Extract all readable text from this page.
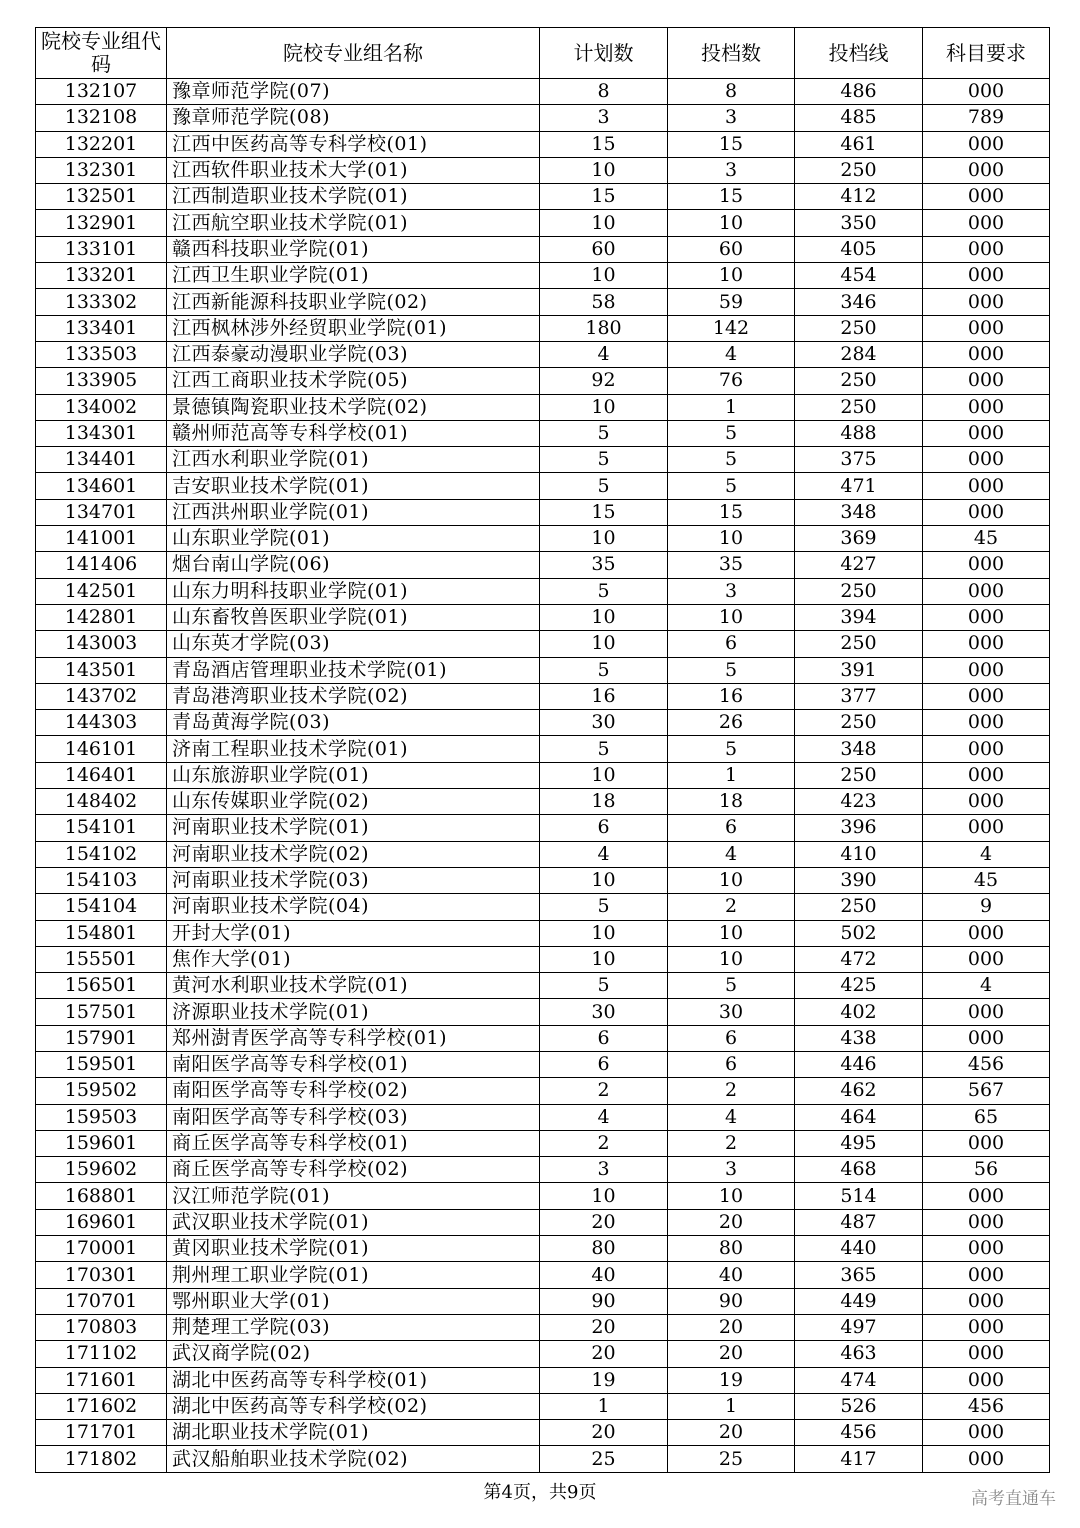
院校专业组代码	院校专业组名称	计划数	投档数	投档线	科目要求
132107	豫章师范学院(07)	8	8	486	000
132108	豫章师范学院(08)	3	3	485	789
132201	江西中医药高等专科学校(01)	15	15	461	000
132301	江西软件职业技术大学(01)	10	3	250	000
132501	江西制造职业技术学院(01)	15	15	412	000
132901	江西航空职业技术学院(01)	10	10	350	000
133101	赣西科技职业学院(01)	60	60	405	000
133201	江西卫生职业学院(01)	10	10	454	000
133302	江西新能源科技职业学院(02)	58	59	346	000
133401	江西枫林涉外经贸职业学院(01)	180	142	250	000
133503	江西泰豪动漫职业学院(03)	4	4	284	000
133905	江西工商职业技术学院(05)	92	76	250	000
134002	景德镇陶瓷职业技术学院(02)	10	1	250	000
134301	赣州师范高等专科学校(01)	5	5	488	000
134401	江西水利职业学院(01)	5	5	375	000
134601	吉安职业技术学院(01)	5	5	471	000
134701	江西洪州职业学院(01)	15	15	348	000
141001	山东职业学院(01)	10	10	369	45
141406	烟台南山学院(06)	35	35	427	000
142501	山东力明科技职业学院(01)	5	3	250	000
142801	山东畜牧兽医职业学院(01)	10	10	394	000
143003	山东英才学院(03)	10	6	250	000
143501	青岛酒店管理职业技术学院(01)	5	5	391	000
143702	青岛港湾职业技术学院(02)	16	16	377	000
144303	青岛黄海学院(03)	30	26	250	000
146101	济南工程职业技术学院(01)	5	5	348	000
146401	山东旅游职业学院(01)	10	1	250	000
148402	山东传媒职业学院(02)	18	18	423	000
154101	河南职业技术学院(01)	6	6	396	000
154102	河南职业技术学院(02)	4	4	410	4
154103	河南职业技术学院(03)	10	10	390	45
154104	河南职业技术学院(04)	5	2	250	9
154801	开封大学(01)	10	10	502	000
155501	焦作大学(01)	10	10	472	000
156501	黄河水利职业技术学院(01)	5	5	425	4
157501	济源职业技术学院(01)	30	30	402	000
157901	郑州澍青医学高等专科学校(01)	6	6	438	000
159501	南阳医学高等专科学校(01)	6	6	446	456
159502	南阳医学高等专科学校(02)	2	2	462	567
159503	南阳医学高等专科学校(03)	4	4	464	65
159601	商丘医学高等专科学校(01)	2	2	495	000
159602	商丘医学高等专科学校(02)	3	3	468	56
168801	汉江师范学院(01)	10	10	514	000
169601	武汉职业技术学院(01)	20	20	487	000
170001	黄冈职业技术学院(01)	80	80	440	000
170301	荆州理工职业学院(01)	40	40	365	000
170701	鄂州职业大学(01)	90	90	449	000
170803	荆楚理工学院(03)	20	20	497	000
171102	武汉商学院(02)	20	20	463	000
171601	湖北中医药高等专科学校(01)	19	19	474	000
171602	湖北中医药高等专科学校(02)	1	1	526	456
171701	湖北职业技术学院(01)	20	20	456	000
171802	武汉船舶职业技术学院(02)	25	25	417	000
第4页，共9页	高考直通车
